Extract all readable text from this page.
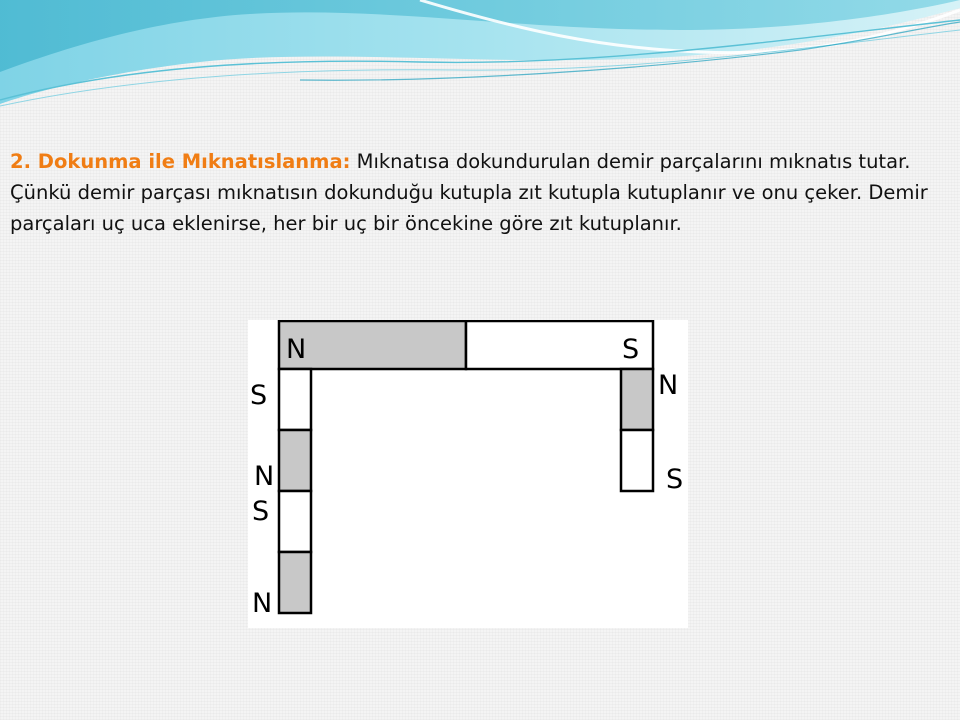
2. Dokunma ile Mıknatıslanma: Mıknatısa dokundurulan demir parçalarını mıknatıs tutar. Çünkü demir parçası mıknatısın dokunduğu kutupla zıt kutupla kutuplanır ve onu çeker. Demir parçaları uç uca eklenirse, her bir uç bir öncekine göre zıt kutuplanır.

N	S
S
N
S
N
N
S
